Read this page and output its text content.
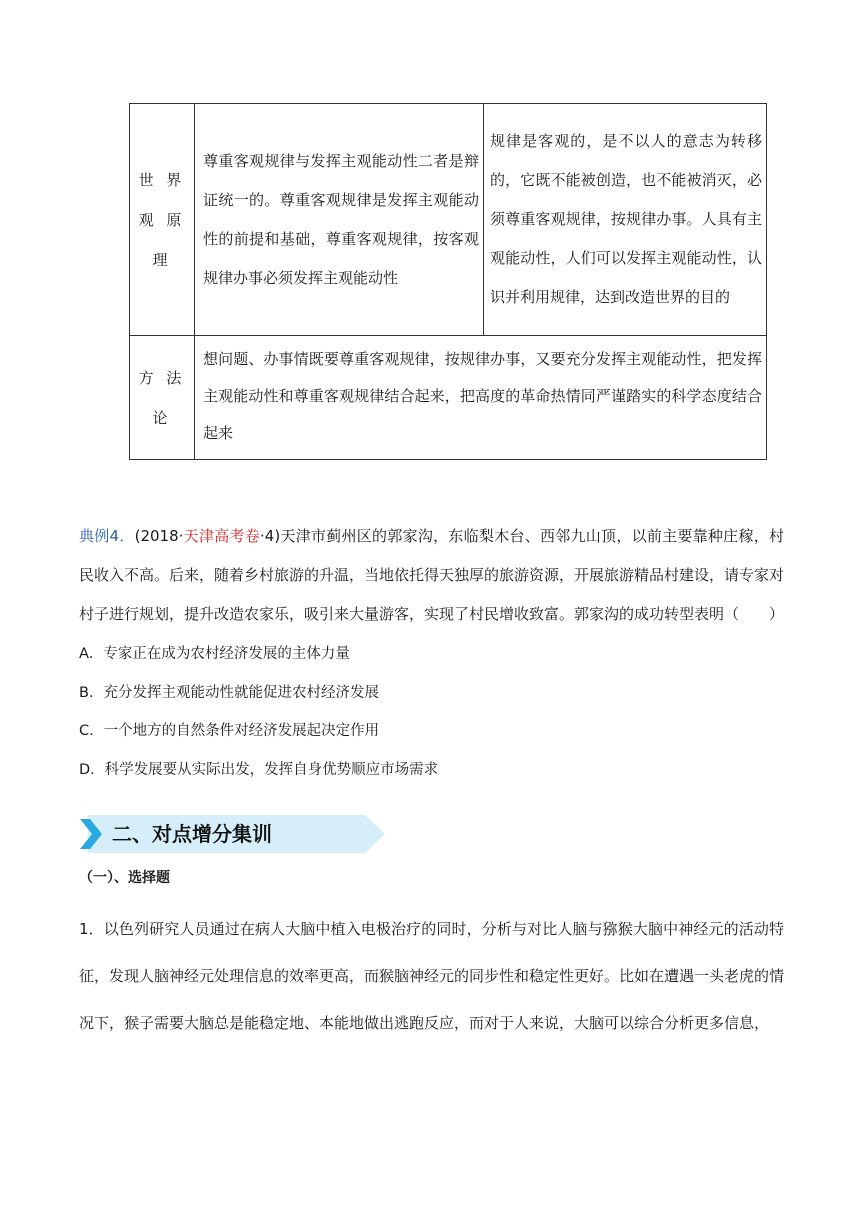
世 界
观 原
理	尊重客观规律与发挥主观能动性二者是辩证统一的。尊重客观规律是发挥主观能动性的前提和基础，尊重客观规律，按客观规律办事必须发挥主观能动性	规律是客观的，是不以人的意志为转移的，它既不能被创造，也不能被消灭，必须尊重客观规律，按规律办事。人具有主观能动性，人们可以发挥主观能动性，认识并利用规律，达到改造世界的目的

方 法
论	想问题、办事情既要尊重客观规律，按规律办事，又要充分发挥主观能动性，把发挥主观能动性和尊重客观规律结合起来，把高度的革命热情同严谨踏实的科学态度结合起来	

典例4．(2018·天津高考卷·4)天津市蓟州区的郭家沟，东临梨木台、西邻九山顶，以前主要靠种庄稼，村民收入不高。后来，随着乡村旅游的升温，当地依托得天独厚的旅游资源，开展旅游精品村建设，请专家对村子进行规划，提升改造农家乐，吸引来大量游客，实现了村民增收致富。郭家沟的成功转型表明（　　）

A．专家正在成为农村经济发展的主体力量

B．充分发挥主观能动性就能促进农村经济发展

C．一个地方的自然条件对经济发展起决定作用

D．科学发展要从实际出发，发挥自身优势顺应市场需求

二、对点增分集训
（一）、选择题

1．以色列研究人员通过在病人大脑中植入电极治疗的同时，分析与对比人脑与猕猴大脑中神经元的活动特征，发现人脑神经元处理信息的效率更高，而猴脑神经元的同步性和稳定性更好。比如在遭遇一头老虎的情
况下，猴子需要大脑总是能稳定地、本能地做出逃跑反应，而对于人来说，大脑可以综合分析更多信息，
